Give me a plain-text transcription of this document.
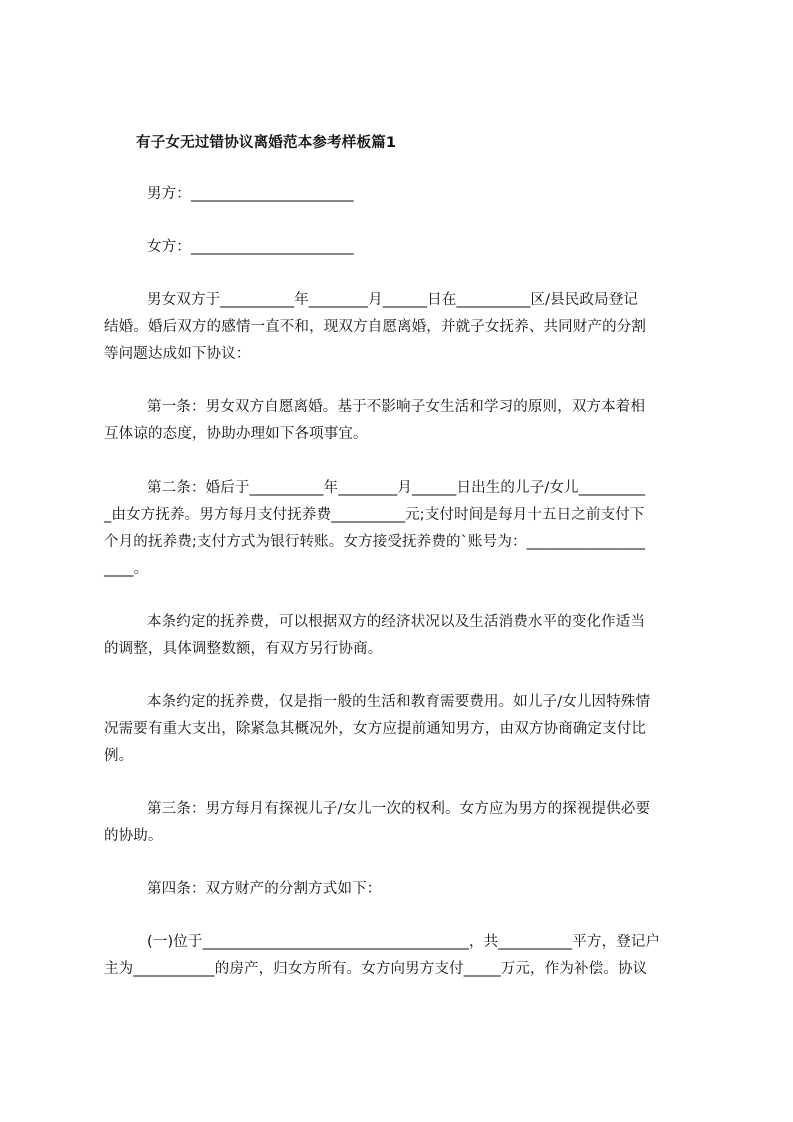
有子女无过错协议离婚范本参考样板篇1
男方：______________________
女方：______________________
男女双方于__________年________月______日在__________区/县民政局登记
结婚。婚后双方的感情一直不和，现双方自愿离婚，并就子女抚养、共同财产的分割
等问题达成如下协议：
第一条：男女双方自愿离婚。基于不影响子女生活和学习的原则，双方本着相
互体谅的态度，协助办理如下各项事宜。
第二条：婚后于__________年________月______日出生的儿子/女儿_________
_由女方抚养。男方每月支付抚养费__________元;支付时间是每月十五日之前支付下
个月的抚养费;支付方式为银行转账。女方接受抚养费的`账号为：________________
____。
本条约定的抚养费，可以根据双方的经济状况以及生活消费水平的变化作适当
的调整，具体调整数额，有双方另行协商。
本条约定的抚养费，仅是指一般的生活和教育需要费用。如儿子/女儿因特殊情
况需要有重大支出，除紧急其概况外，女方应提前通知男方，由双方协商确定支付比
例。
第三条：男方每月有探视儿子/女儿一次的权利。女方应为男方的探视提供必要
的协助。
第四条：双方财产的分割方式如下：
(一)位于____________________________________，共__________平方，登记户
主为___________的房产，归女方所有。女方向男方支付_____万元，作为补偿。协议
